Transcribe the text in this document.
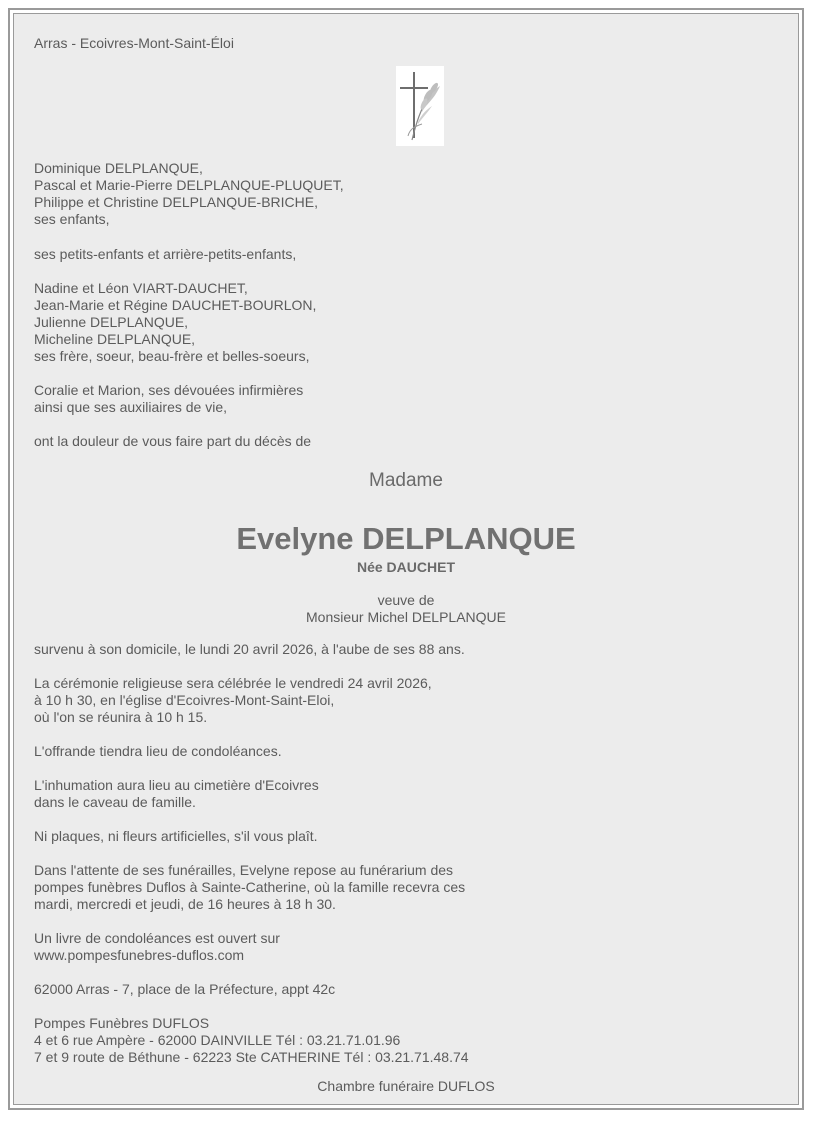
Arras - Ecoivres-Mont-Saint-Éloi
Dominique DELPLANQUE,
Pascal et Marie-Pierre DELPLANQUE-PLUQUET,
Philippe et Christine DELPLANQUE-BRICHE,
ses enfants,
ses petits-enfants et arrière-petits-enfants,
Nadine et Léon VIART-DAUCHET,
Jean-Marie et Régine DAUCHET-BOURLON,
Julienne DELPLANQUE,
Micheline DELPLANQUE,
ses frère, soeur, beau-frère et belles-soeurs,
Coralie et Marion, ses dévouées infirmières
ainsi que ses auxiliaires de vie,
ont la douleur de vous faire part du décès de
Madame
Evelyne DELPLANQUE
Née DAUCHET
veuve de
Monsieur Michel DELPLANQUE
survenu à son domicile, le lundi 20 avril 2026, à l'aube de ses 88 ans.
La cérémonie religieuse sera célébrée le vendredi 24 avril 2026,
à 10 h 30, en l'église d'Ecoivres-Mont-Saint-Eloi,
où l'on se réunira à 10 h 15.
L'offrande tiendra lieu de condoléances.
L'inhumation aura lieu au cimetière d'Ecoivres
dans le caveau de famille.
Ni plaques, ni fleurs artificielles, s'il vous plaît.
Dans l'attente de ses funérailles, Evelyne repose au funérarium des
pompes funèbres Duflos à Sainte-Catherine, où la famille recevra ces
mardi, mercredi et jeudi, de 16 heures à 18 h 30.
Un livre de condoléances est ouvert sur
www.pompesfunebres-duflos.com
62000 Arras - 7, place de la Préfecture, appt 42c
Pompes Funèbres DUFLOS
4 et 6 rue Ampère - 62000 DAINVILLE Tél : 03.21.71.01.96
7 et 9 route de Béthune - 62223 Ste CATHERINE Tél : 03.21.71.48.74
Chambre funéraire DUFLOS
